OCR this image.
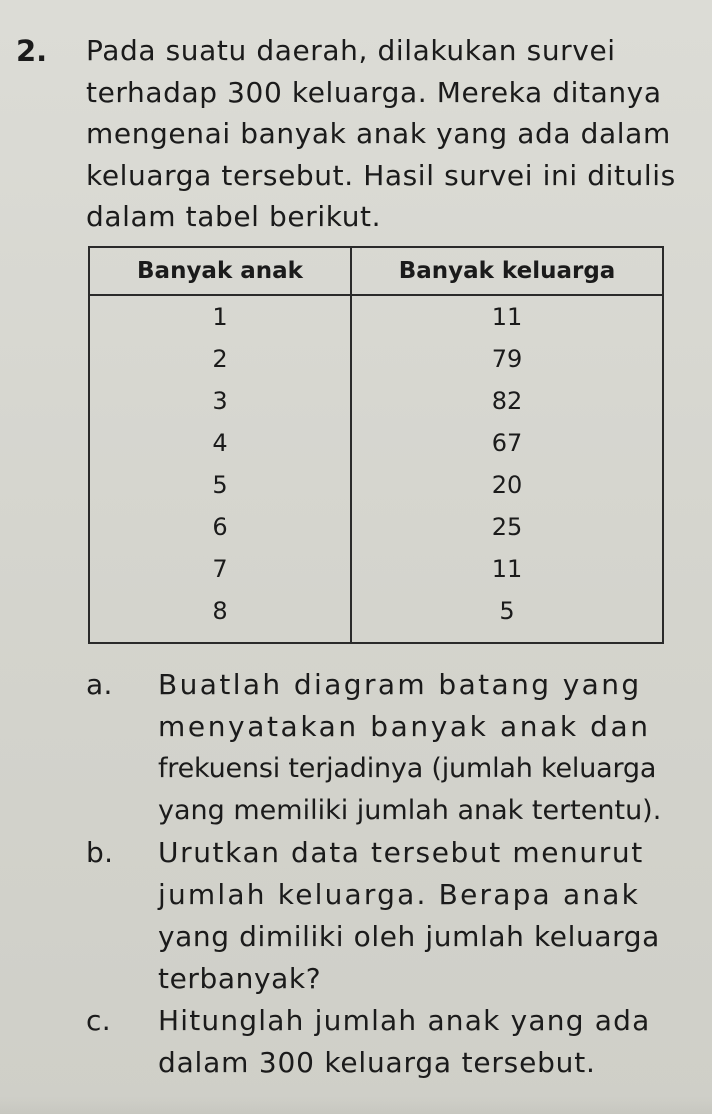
2. Pada suatu daerah, dilakukan survei
terhadap 300 keluarga. Mereka ditanya
mengenai banyak anak yang ada dalam
keluarga tersebut. Hasil survei ini ditulis
dalam tabel berikut.
Banyak anak	Banyak keluarga
1	11
2	79
3	82
4	67
5	20
6	25
7	11
8	5
a. Buatlah diagram batang yang
menyatakan banyak anak dan
frekuensi terjadinya (jumlah keluarga
yang memiliki jumlah anak tertentu).
b. Urutkan data tersebut menurut
jumlah keluarga. Berapa anak
yang dimiliki oleh jumlah keluarga
terbanyak?
c. Hitunglah jumlah anak yang ada
dalam 300 keluarga tersebut.
